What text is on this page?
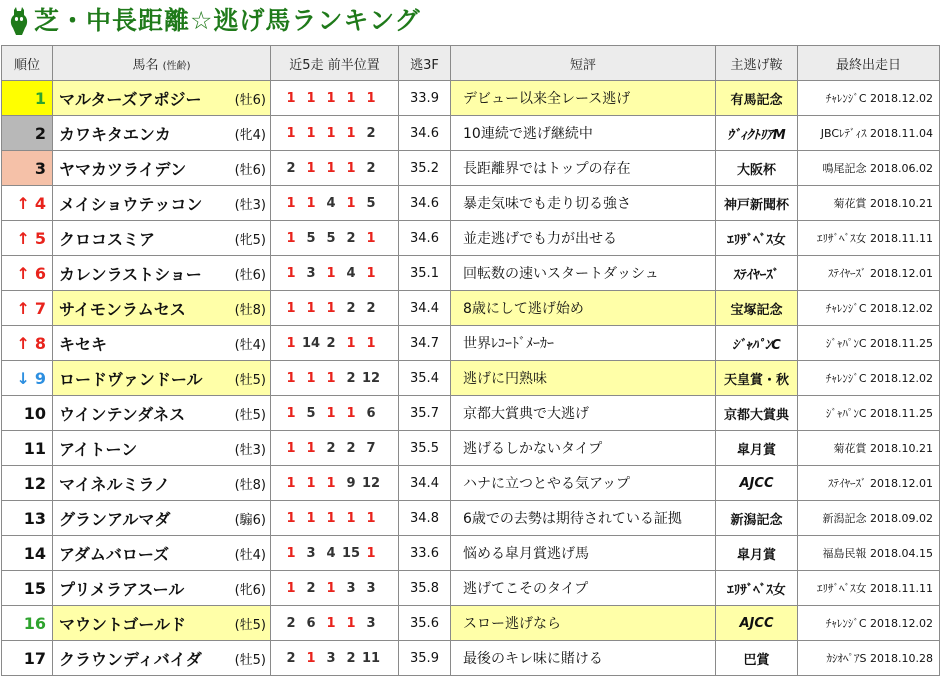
芝・中長距離☆逃げ馬ランキング
順位	馬名 (性齢)	近5走 前半位置	逃3F	短評	主逃げ鞍	最終出走日
1	マルターズアポジー (牡6)	1 1 1 1 1	33.9	デビュー以来全レース逃げ	有馬記念	ﾁｬﾚﾝｼﾞC 2018.12.02
2	カワキタエンカ (牝4)	1 1 1 1 2	34.6	10連続で逃げ継続中	ｳﾞｨｸﾄﾘｱM	JBCﾚﾃﾞｨｽ 2018.11.04
3	ヤマカツライデン (牡6)	2 1 1 1 2	35.2	長距離界ではトップの存在	大阪杯	鳴尾記念 2018.06.02
↑ 4	メイショウテッコン (牡3)	1 1 4 1 5	34.6	暴走気味でも走り切る強さ	神戸新聞杯	菊花賞 2018.10.21
↑ 5	クロコスミア (牝5)	1 5 5 2 1	34.6	並走逃げでも力が出せる	ｴﾘｻﾞﾍﾞｽ女	ｴﾘｻﾞﾍﾞｽ女 2018.11.11
↑ 6	カレンラストショー (牡6)	1 3 1 4 1	35.1	回転数の速いスタートダッシュ	ｽﾃｲﾔｰｽﾞ	ｽﾃｲﾔｰｽﾞ 2018.12.01
↑ 7	サイモンラムセス (牡8)	1 1 1 2 2	34.4	8歳にして逃げ始め	宝塚記念	ﾁｬﾚﾝｼﾞC 2018.12.02
↑ 8	キセキ (牡4)	1 14 2 1 1	34.7	世界ﾚｺｰﾄﾞﾒｰｶｰ	ｼﾞｬﾊﾟﾝC	ｼﾞｬﾊﾟﾝC 2018.11.25
↓ 9	ロードヴァンドール (牡5)	1 1 1 2 12	35.4	逃げに円熟味	天皇賞・秋	ﾁｬﾚﾝｼﾞC 2018.12.02
10	ウインテンダネス (牡5)	1 5 1 1 6	35.7	京都大賞典で大逃げ	京都大賞典	ｼﾞｬﾊﾟﾝC 2018.11.25
11	アイトーン (牡3)	1 1 2 2 7	35.5	逃げるしかないタイプ	皐月賞	菊花賞 2018.10.21
12	マイネルミラノ (牡8)	1 1 1 9 12	34.4	ハナに立つとやる気アップ	AJCC	ｽﾃｲﾔｰｽﾞ 2018.12.01
13	グランアルマダ (騸6)	1 1 1 1 1	34.8	6歳での去勢は期待されている証拠	新潟記念	新潟記念 2018.09.02
14	アダムバローズ (牡4)	1 3 4 15 1	33.6	悩める皐月賞逃げ馬	皐月賞	福島民報 2018.04.15
15	プリメラアスール (牝6)	1 2 1 3 3	35.8	逃げてこそのタイプ	ｴﾘｻﾞﾍﾞｽ女	ｴﾘｻﾞﾍﾞｽ女 2018.11.11
16	マウントゴールド (牡5)	2 6 1 1 3	35.6	スロー逃げなら	AJCC	ﾁｬﾚﾝｼﾞC 2018.12.02
17	クラウンディバイダ (牡5)	2 1 3 2 11	35.9	最後のキレ味に賭ける	巴賞	ｶｼｵﾍﾟｱS 2018.10.28
